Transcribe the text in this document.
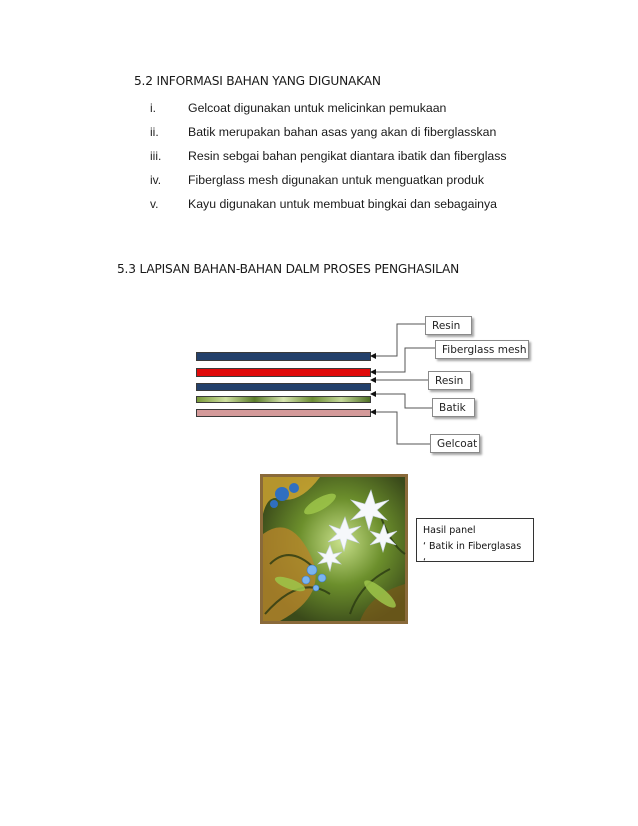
5.2 INFORMASI BAHAN YANG DIGUNAKAN
i.	Gelcoat digunakan untuk melicinkan pemukaan
ii. Batik merupakan bahan asas yang akan di fiberglasskan
iii. Resin sebgai bahan pengikat diantara ibatik dan fiberglass
iv. Fiberglass mesh digunakan untuk menguatkan produk
v. Kayu digunakan untuk membuat bingkai dan sebagainya
5.3 LAPISAN BAHAN-BAHAN DALM PROSES PENGHASILAN
Resin
Fiberglass mesh
Resin
Batik
Gelcoat
Hasil panel
‘ Batik in Fiberglasas ‘
